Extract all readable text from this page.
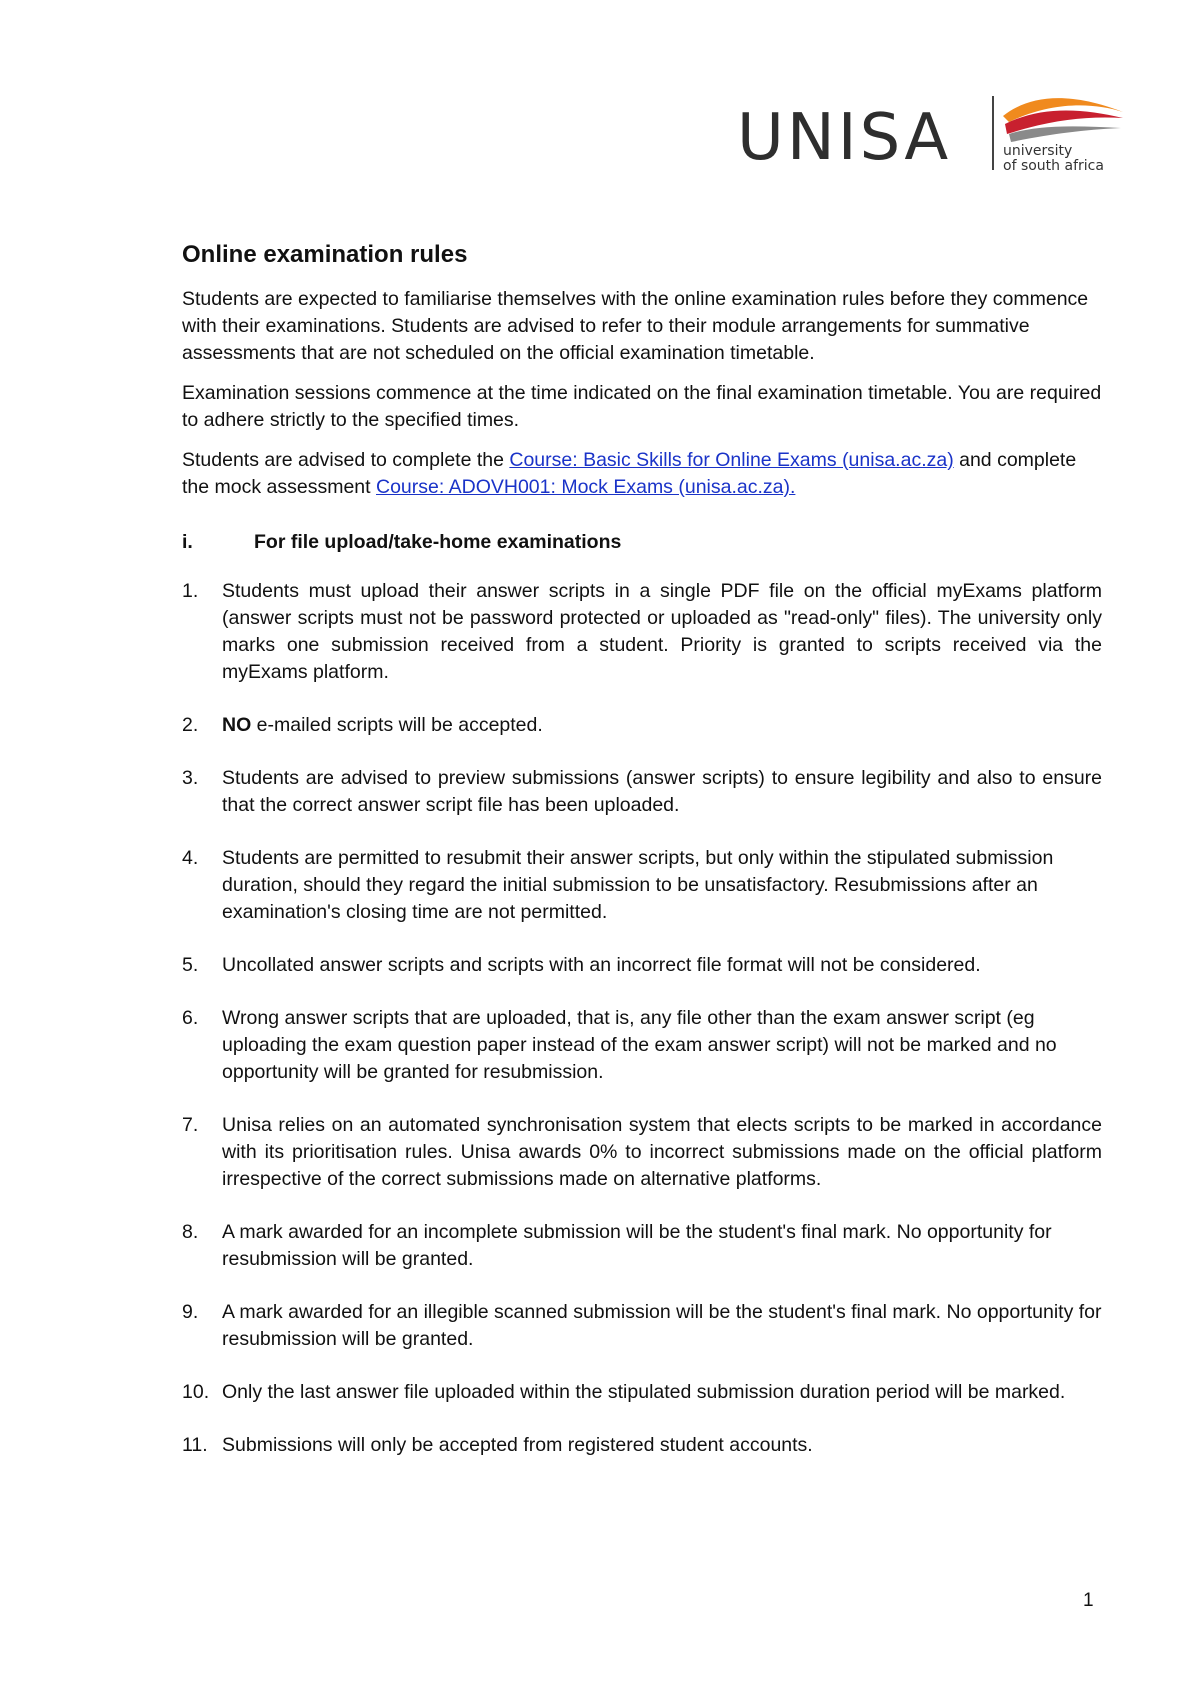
UNISA	university
of south africa
Online examination rules

Students are expected to familiarise themselves with the online examination rules before they commence with their examinations. Students are advised to refer to their module arrangements for summative assessments that are not scheduled on the official examination timetable.

Examination sessions commence at the time indicated on the final examination timetable. You are required to adhere strictly to the specified times.

Students are advised to complete the Course: Basic Skills for Online Exams (unisa.ac.za) and complete the mock assessment Course: ADOVH001: Mock Exams (unisa.ac.za).

i.	For file upload/take-home examinations
1.	Students must upload their answer scripts in a single PDF file on the official myExams platform (answer scripts must not be password protected or uploaded as "read-only" files). The university only marks one submission received from a student. Priority is granted to scripts received via the myExams platform.
2.	NO e-mailed scripts will be accepted.
3.	Students are advised to preview submissions (answer scripts) to ensure legibility and also to ensure that the correct answer script file has been uploaded.
4.	Students are permitted to resubmit their answer scripts, but only within the stipulated submission duration, should they regard the initial submission to be unsatisfactory. Resubmissions after an examination's closing time are not permitted.
5.	Uncollated answer scripts and scripts with an incorrect file format will not be considered.
6.	Wrong answer scripts that are uploaded, that is, any file other than the exam answer script (eg uploading the exam question paper instead of the exam answer script) will not be marked and no opportunity will be granted for resubmission.
7.	Unisa relies on an automated synchronisation system that elects scripts to be marked in accordance with its prioritisation rules. Unisa awards 0% to incorrect submissions made on the official platform irrespective of the correct submissions made on alternative platforms.
8.	A mark awarded for an incomplete submission will be the student's final mark. No opportunity for resubmission will be granted.
9.	A mark awarded for an illegible scanned submission will be the student's final mark. No opportunity for resubmission will be granted.
10. Only the last answer file uploaded within the stipulated submission duration period will be marked.
11. Submissions will only be accepted from registered student accounts.
1
